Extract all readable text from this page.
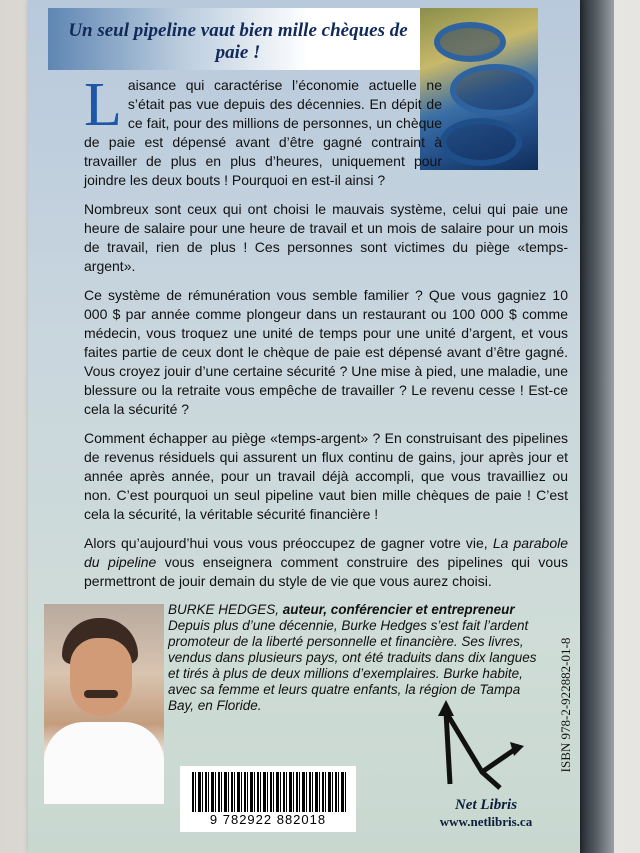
Un seul pipeline vaut bien mille chèques de paie !

Laisance qui caractérise l’économie actuelle ne s’était pas vue depuis des décennies. En dépit de ce fait, pour des millions de personnes, un chèque de paie est dépensé avant d’être gagné contraint à travailler de plus en plus d’heures, uniquement pour joindre les deux bouts ! Pourquoi en est-il ainsi ?

Nombreux sont ceux qui ont choisi le mauvais système, celui qui paie une heure de salaire pour une heure de travail et un mois de salaire pour un mois de travail, rien de plus ! Ces personnes sont victimes du piège «temps-argent».

Ce système de rémunération vous semble familier ? Que vous gagniez 10 000 $ par année comme plongeur dans un restaurant ou 100 000 $ comme médecin, vous troquez une unité de temps pour une unité d’argent, et vous faites partie de ceux dont le chèque de paie est dépensé avant d’être gagné. Vous croyez jouir d’une certaine sécurité ? Une mise à pied, une maladie, une blessure ou la retraite vous empêche de travailler ? Le revenu cesse ! Est-ce cela la sécurité ?

Comment échapper au piège «temps-argent» ? En construisant des pipelines de revenus résiduels qui assurent un flux continu de gains, jour après jour et année après année, pour un travail déjà accompli, que vous travailliez ou non. C’est pourquoi un seul pipeline vaut bien mille chèques de paie ! C’est cela la sécurité, la véritable sécurité financière !

Alors qu’aujourd’hui vous vous préoccupez de gagner votre vie, La parabole du pipeline vous enseignera comment construire des pipelines qui vous permettront de jouir demain du style de vie que vous aurez choisi.

BURKE HEDGES, auteur, conférencier et entrepreneur
Depuis plus d’une décennie, Burke Hedges s’est fait l’ardent promoteur de la liberté personnelle et financière. Ses livres, vendus dans plusieurs pays, ont été traduits dans dix langues et tirés à plus de deux millions d’exemplaires. Burke habite, avec sa femme et leurs quatre enfants, la région de Tampa Bay, en Floride.	ISBN 978-2-922882-01-8
9 782922 882018
Net Libris
www.netlibris.ca
